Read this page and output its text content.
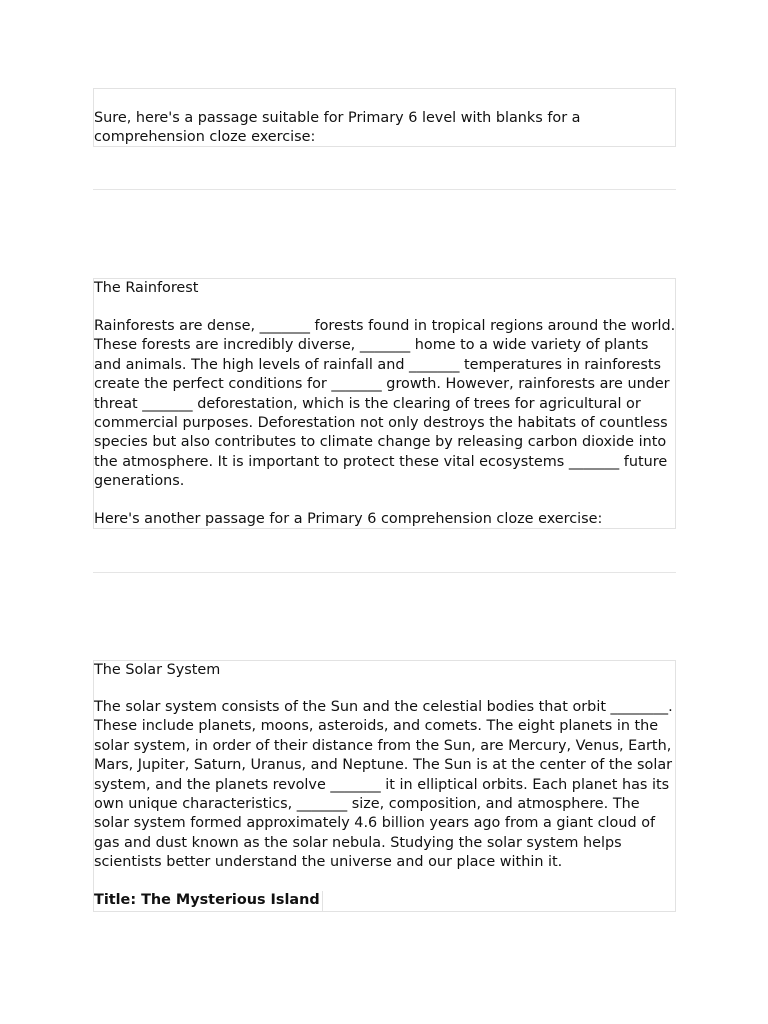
Sure, here's a passage suitable for Primary 6 level with blanks for a comprehension cloze exercise:

The Rainforest

Rainforests are dense, _______ forests found in tropical regions around the world. These forests are incredibly diverse, _______ home to a wide variety of plants and animals. The high levels of rainfall and _______ temperatures in rainforests create the perfect conditions for _______ growth. However, rainforests are under threat _______ deforestation, which is the clearing of trees for agricultural or commercial purposes. Deforestation not only destroys the habitats of countless species but also contributes to climate change by releasing carbon dioxide into the atmosphere. It is important to protect these vital ecosystems _______ future generations.

Here's another passage for a Primary 6 comprehension cloze exercise:

The Solar System

The solar system consists of the Sun and the celestial bodies that orbit ________. These include planets, moons, asteroids, and comets. The eight planets in the solar system, in order of their distance from the Sun, are Mercury, Venus, Earth, Mars, Jupiter, Saturn, Uranus, and Neptune. The Sun is at the center of the solar system, and the planets revolve _______ it in elliptical orbits. Each planet has its own unique characteristics, _______ size, composition, and atmosphere. The solar system formed approximately 4.6 billion years ago from a giant cloud of gas and dust known as the solar nebula. Studying the solar system helps scientists better understand the universe and our place within it.

Title: The Mysterious Island
